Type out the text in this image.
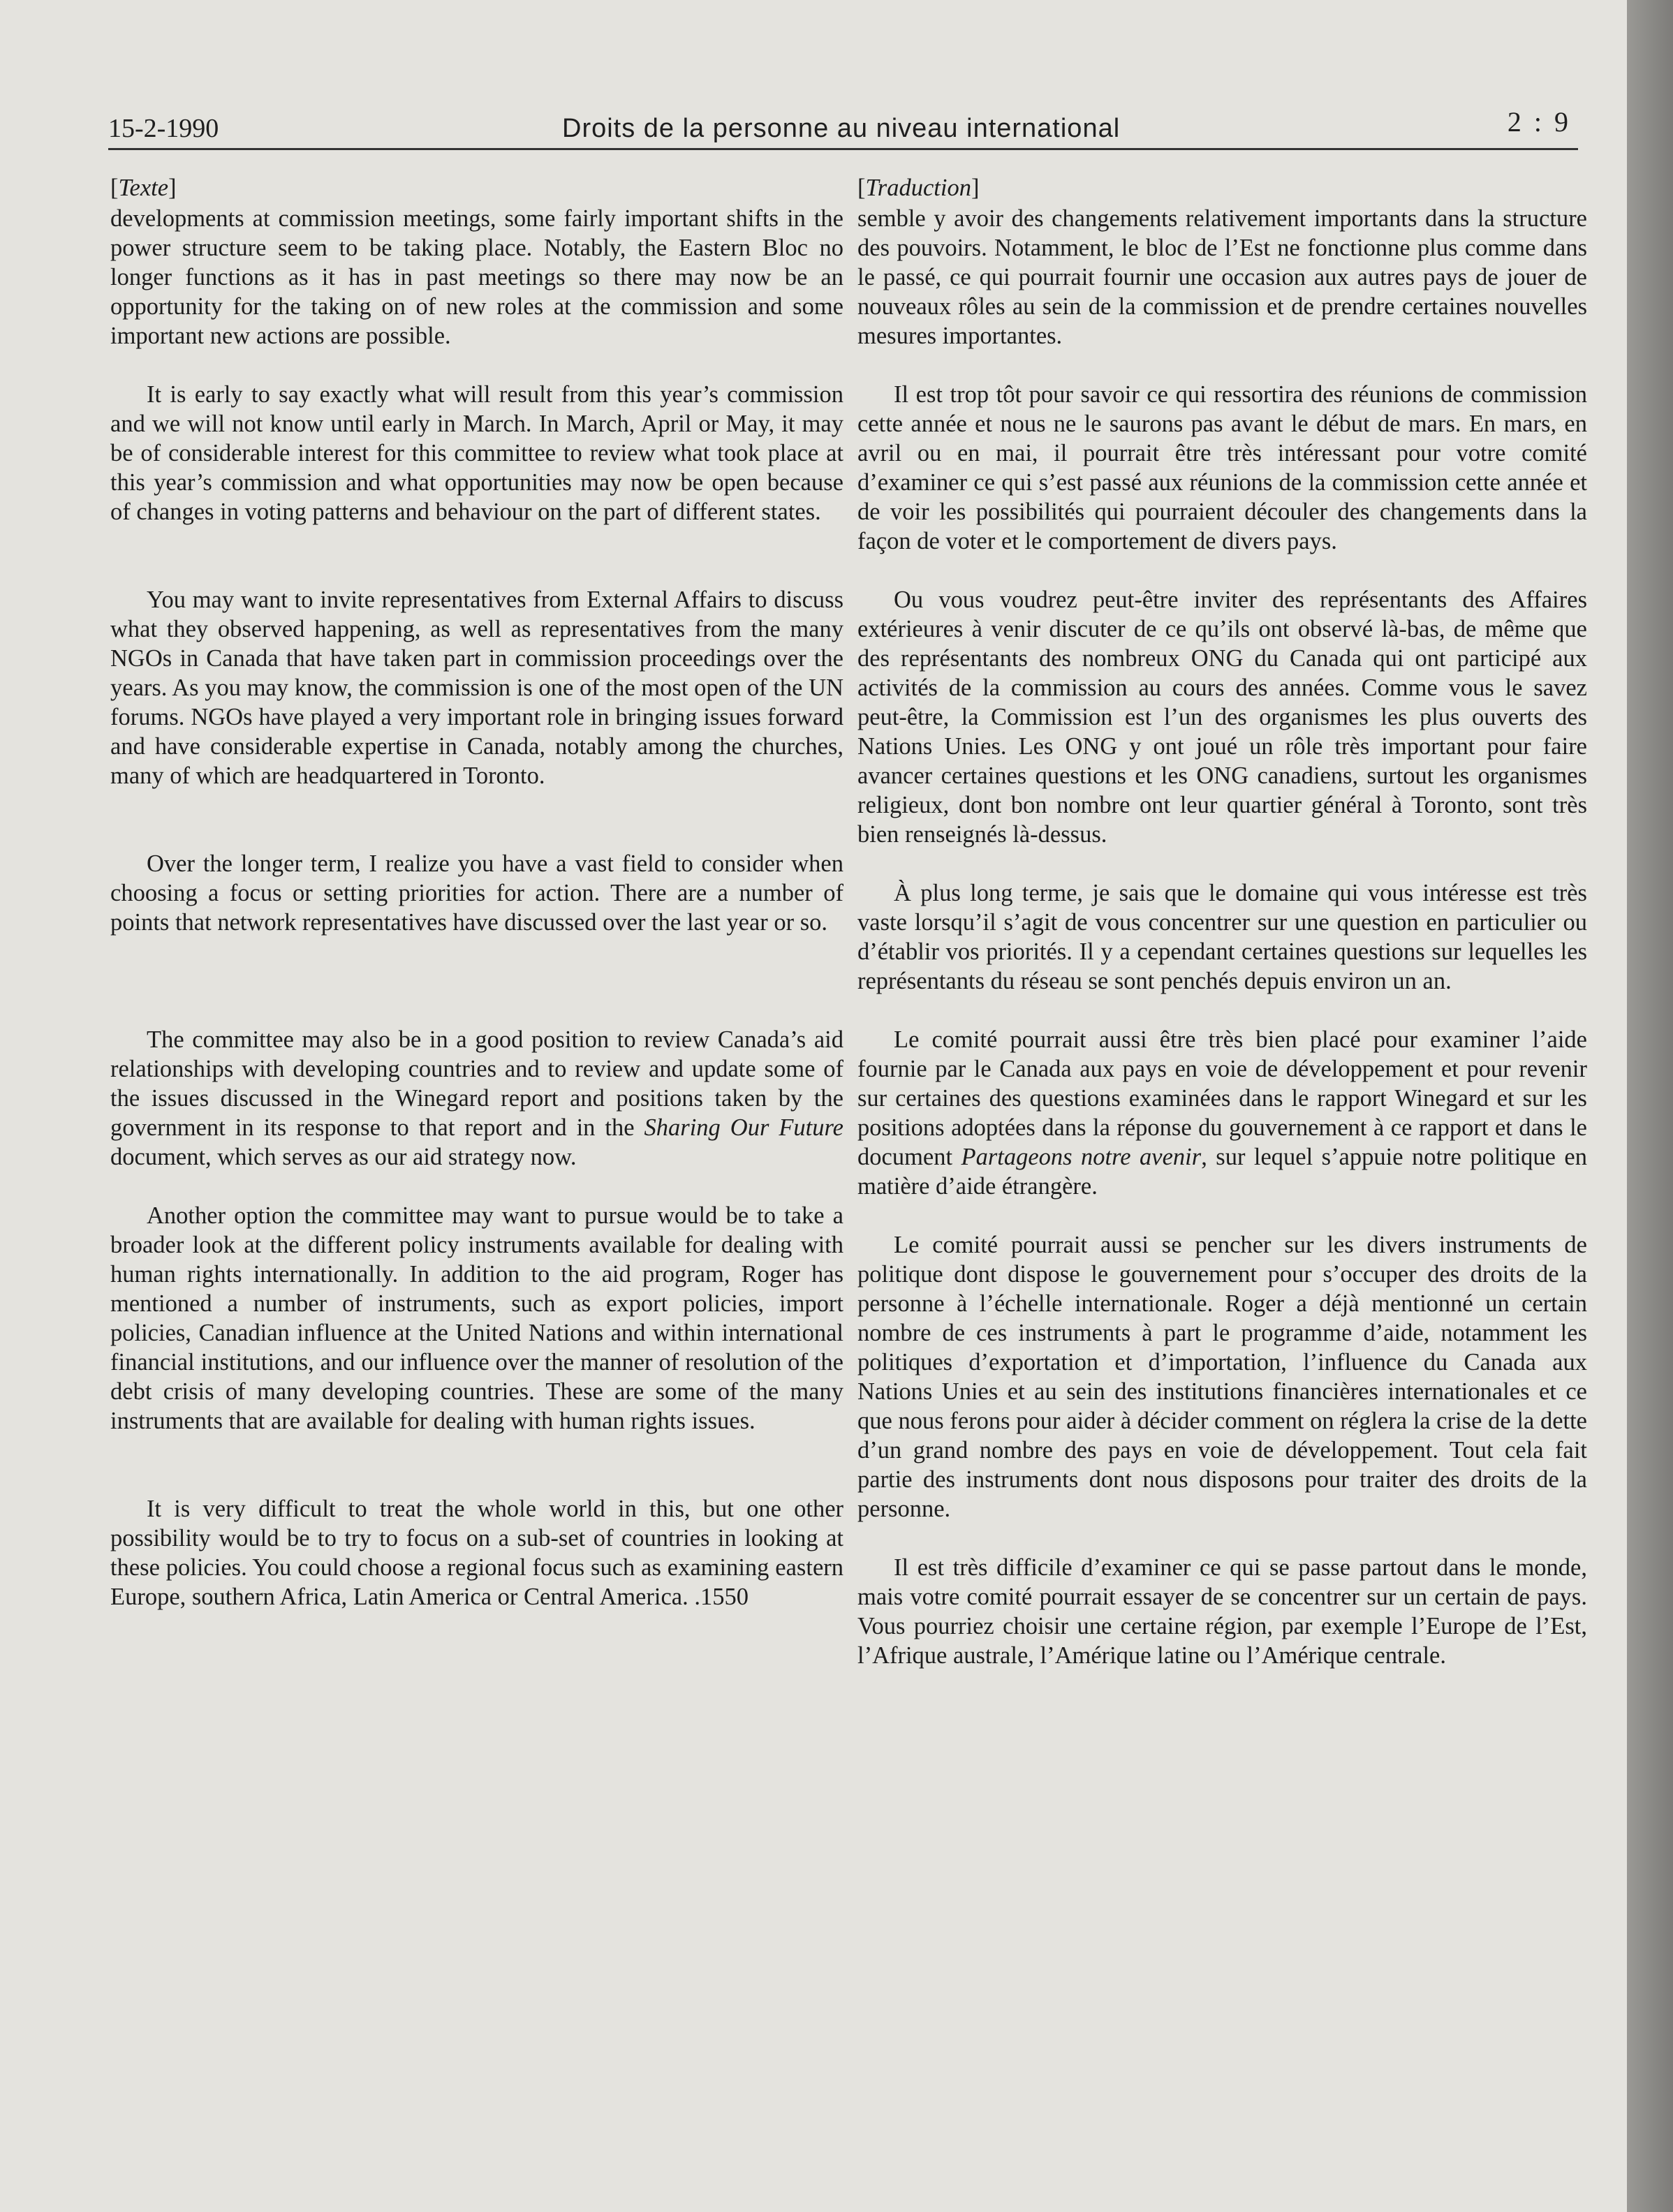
15-2-1990	Droits de la personne au niveau international	2 : 9
[Texte]

developments at commission meetings, some fairly important shifts in the power structure seem to be taking place. Notably, the Eastern Bloc no longer functions as it has in past meetings so there may now be an opportunity for the taking on of new roles at the commission and some important new actions are possible.

It is early to say exactly what will result from this year’s commission and we will not know until early in March. In March, April or May, it may be of considerable interest for this committee to review what took place at this year’s commission and what opportunities may now be open because of changes in voting patterns and behaviour on the part of different states.

You may want to invite representatives from External Affairs to discuss what they observed happening, as well as representatives from the many NGOs in Canada that have taken part in commission proceedings over the years. As you may know, the commission is one of the most open of the UN forums. NGOs have played a very important role in bringing issues forward and have considerable expertise in Canada, notably among the churches, many of which are headquartered in Toronto.

Over the longer term, I realize you have a vast field to consider when choosing a focus or setting priorities for action. There are a number of points that network representatives have discussed over the last year or so.

The committee may also be in a good position to review Canada’s aid relationships with developing countries and to review and update some of the issues discussed in the Winegard report and positions taken by the government in its response to that report and in the Sharing Our Future document, which serves as our aid strategy now.

Another option the committee may want to pursue would be to take a broader look at the different policy instruments available for dealing with human rights internationally. In addition to the aid program, Roger has mentioned a number of instruments, such as export policies, import policies, Canadian influence at the United Nations and within international financial institutions, and our influence over the manner of resolution of the debt crisis of many developing countries. These are some of the many instruments that are available for dealing with human rights issues.

It is very difficult to treat the whole world in this, but one other possibility would be to try to focus on a sub-set of countries in looking at these policies. You could choose a regional focus such as examining eastern Europe, southern Africa, Latin America or Central America. .1550

[Traduction]

semble y avoir des changements relativement importants dans la structure des pouvoirs. Notamment, le bloc de l’Est ne fonctionne plus comme dans le passé, ce qui pourrait fournir une occasion aux autres pays de jouer de nouveaux rôles au sein de la commission et de prendre certaines nouvelles mesures importantes.

Il est trop tôt pour savoir ce qui ressortira des réunions de commission cette année et nous ne le saurons pas avant le début de mars. En mars, en avril ou en mai, il pourrait être très intéressant pour votre comité d’examiner ce qui s’est passé aux réunions de la commission cette année et de voir les possibilités qui pourraient découler des changements dans la façon de voter et le comportement de divers pays.

Ou vous voudrez peut-être inviter des représentants des Affaires extérieures à venir discuter de ce qu’ils ont observé là-bas, de même que des représentants des nombreux ONG du Canada qui ont participé aux activités de la commission au cours des années. Comme vous le savez peut-être, la Commission est l’un des organismes les plus ouverts des Nations Unies. Les ONG y ont joué un rôle très important pour faire avancer certaines questions et les ONG canadiens, surtout les organismes religieux, dont bon nombre ont leur quartier général à Toronto, sont très bien renseignés là-dessus.

À plus long terme, je sais que le domaine qui vous intéresse est très vaste lorsqu’il s’agit de vous concentrer sur une question en particulier ou d’établir vos priorités. Il y a cependant certaines questions sur lequelles les représentants du réseau se sont penchés depuis environ un an.

Le comité pourrait aussi être très bien placé pour examiner l’aide fournie par le Canada aux pays en voie de développement et pour revenir sur certaines des questions examinées dans le rapport Winegard et sur les positions adoptées dans la réponse du gouvernement à ce rapport et dans le document Partageons notre avenir, sur lequel s’appuie notre politique en matière d’aide étrangère.

Le comité pourrait aussi se pencher sur les divers instruments de politique dont dispose le gouvernement pour s’occuper des droits de la personne à l’échelle internationale. Roger a déjà mentionné un certain nombre de ces instruments à part le programme d’aide, notamment les politiques d’exportation et d’importation, l’influence du Canada aux Nations Unies et au sein des institutions financières internationales et ce que nous ferons pour aider à décider comment on réglera la crise de la dette d’un grand nombre des pays en voie de développement. Tout cela fait partie des instruments dont nous disposons pour traiter des droits de la personne.

Il est très difficile d’examiner ce qui se passe partout dans le monde, mais votre comité pourrait essayer de se concentrer sur un certain de pays. Vous pourriez choisir une certaine région, par exemple l’Europe de l’Est, l’Afrique australe, l’Amérique latine ou l’Amérique centrale.
